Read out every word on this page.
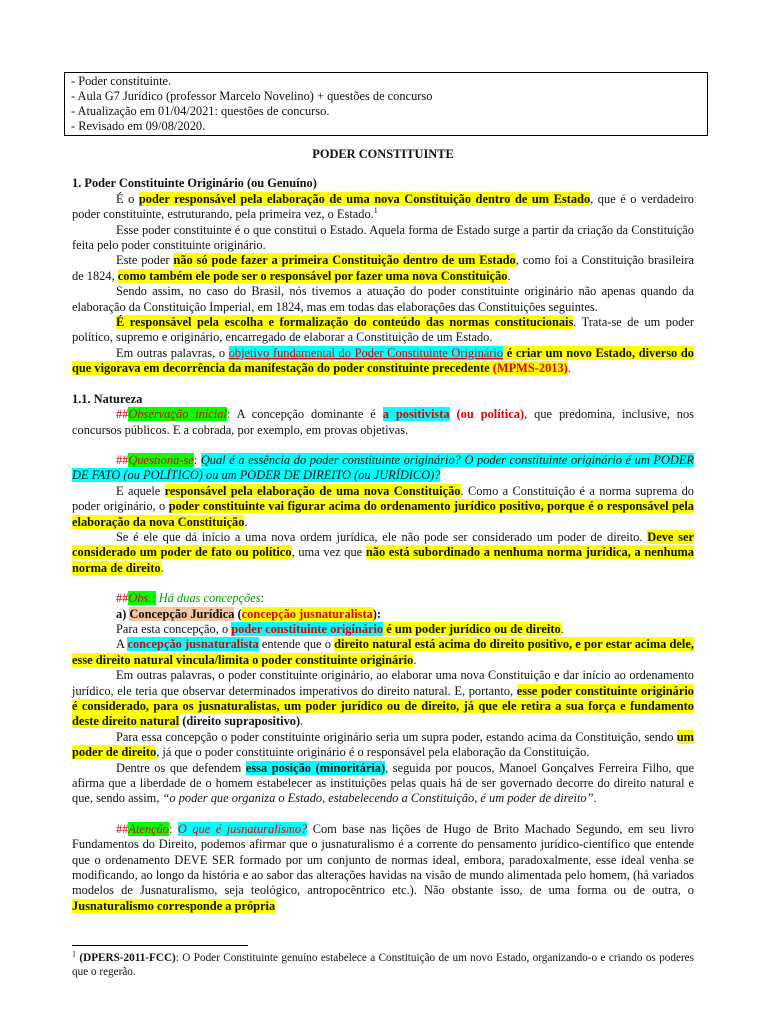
- Poder constituinte.
- Aula G7 Jurídico (professor Marcelo Novelino) + questões de concurso
- Atualização em 01/04/2021: questões de concurso.
- Revisado em 09/08/2020.
PODER CONSTITUINTE

1. Poder Constituinte Originário (ou Genuíno)

É o poder responsável pela elaboração de uma nova Constituição dentro de um Estado, que é o verdadeiro poder constituinte, estruturando, pela primeira vez, o Estado.$^1$

Esse poder constituinte é o que constitui o Estado. Aquela forma de Estado surge a partir da criação da Constituição feita pelo poder constituinte originário.

Este poder não só pode fazer a primeira Constituição dentro de um Estado, como foi a Constituição brasileira de 1824, como também ele pode ser o responsável por fazer uma nova Constituição.

Sendo assim, no caso do Brasil, nós tivemos a atuação do poder constituinte originário não apenas quando da elaboração da Constituição Imperial, em 1824, mas em todas das elaborações das Constituições seguintes.

É responsável pela escolha e formalização do conteúdo das normas constitucionais. Trata-se de um poder político, supremo e originário, encarregado de elaborar a Constituição de um Estado.

Em outras palavras, o objetivo fundamental do Poder Constituinte Originário é criar um novo Estado, diverso do que vigorava em decorrência da manifestação do poder constituinte precedente (MPMS-2013).

1.1. Natureza

##Observação inicial: A concepção dominante é a positivista (ou política), que predomina, inclusive, nos concursos públicos. E a cobrada, por exemplo, em provas objetivas.

##Questiona-se: Qual é a essência do poder constituinte originário? O poder constituinte originário é um PODER DE FATO (ou POLÍTICO) ou um PODER DE DIREITO (ou JURÍDICO)?

E aquele responsável pela elaboração de uma nova Constituição. Como a Constituição é a norma suprema do poder originário, o poder constituinte vai figurar acima do ordenamento jurídico positivo, porque é o responsável pela elaboração da nova Constituição.

Se é ele que dá início a uma nova ordem jurídica, ele não pode ser considerado um poder de direito. Deve ser considerado um poder de fato ou político, uma vez que não está subordinado a nenhuma norma jurídica, a nenhuma norma de direito.

##Obs.: Há duas concepções:

a) Concepção Jurídica (concepção jusnaturalista):

Para esta concepção, o poder constituinte originário é um poder jurídico ou de direito.

A concepção jusnaturalista entende que o direito natural está acima do direito positivo, e por estar acima dele, esse direito natural vincula/limita o poder constituinte originário.

Em outras palavras, o poder constituinte originário, ao elaborar uma nova Constituição e dar início ao ordenamento jurídico, ele teria que observar determinados imperativos do direito natural. E, portanto, esse poder constituinte originário é considerado, para os jusnaturalistas, um poder jurídico ou de direito, já que ele retira a sua força e fundamento deste direito natural (direito suprapositivo).

Para essa concepção o poder constituinte originário seria um supra poder, estando acima da Constituição, sendo um poder de direito, já que o poder constituinte originário é o responsável pela elaboração da Constituição.

Dentre os que defendem essa posição (minoritária), seguida por poucos, Manoel Gonçalves Ferreira Filho, que afirma que a liberdade de o homem estabelecer as instituições pelas quais há de ser governado decorre do direito natural e que, sendo assim, “o poder que organiza o Estado, estabelecendo a Constituição, é um poder de direito”.

##Atenção: O que é jusnaturalismo? Com base nas lições de Hugo de Brito Machado Segundo, em seu livro Fundamentos do Direito, podemos afirmar que o jusnaturalismo é a corrente do pensamento jurídico-científico que entende que o ordenamento DEVE SER formado por um conjunto de normas ideal, embora, paradoxalmente, esse ideal venha se modificando, ao longo da história e ao sabor das alterações havidas na visão de mundo alimentada pelo homem, (há variados modelos de Jusnaturalismo, seja teológico, antropocêntrico etc.). Não obstante isso, de uma forma ou de outra, o Jusnaturalismo corresponde a própria

$^1$ (DPERS-2011-FCC): O Poder Constituinte genuíno estabelece a Constituição de um novo Estado, organizando-o e criando os poderes que o regerão.
